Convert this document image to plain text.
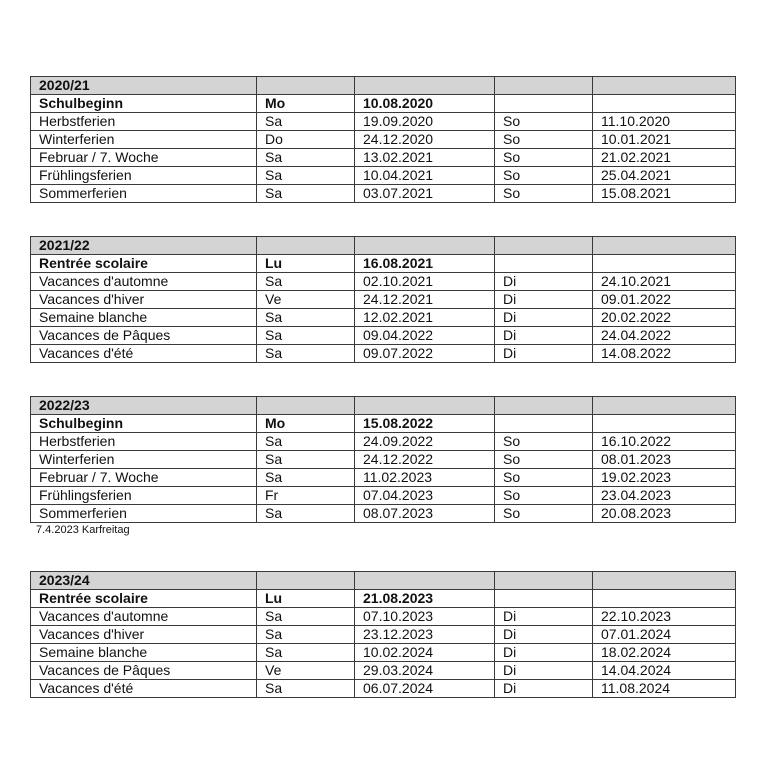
2020/21				
Schulbeginn	Mo	10.08.2020		
Herbstferien	Sa	19.09.2020	So	11.10.2020
Winterferien	Do	24.12.2020	So	10.01.2021
Februar / 7. Woche	Sa	13.02.2021	So	21.02.2021
Frühlingsferien	Sa	10.04.2021	So	25.04.2021
Sommerferien	Sa	03.07.2021	So	15.08.2021
2021/22				
Rentrée scolaire	Lu	16.08.2021		
Vacances d'automne	Sa	02.10.2021	Di	24.10.2021
Vacances d'hiver	Ve	24.12.2021	Di	09.01.2022
Semaine blanche	Sa	12.02.2021	Di	20.02.2022
Vacances de Pâques	Sa	09.04.2022	Di	24.04.2022
Vacances d'été	Sa	09.07.2022	Di	14.08.2022
2022/23				
Schulbeginn	Mo	15.08.2022		
Herbstferien	Sa	24.09.2022	So	16.10.2022
Winterferien	Sa	24.12.2022	So	08.01.2023
Februar / 7. Woche	Sa	11.02.2023	So	19.02.2023
Frühlingsferien	Fr	07.04.2023	So	23.04.2023
Sommerferien	Sa	08.07.2023	So	20.08.2023
7.4.2023 Karfreitag
2023/24				
Rentrée scolaire	Lu	21.08.2023		
Vacances d'automne	Sa	07.10.2023	Di	22.10.2023
Vacances d'hiver	Sa	23.12.2023	Di	07.01.2024
Semaine blanche	Sa	10.02.2024	Di	18.02.2024
Vacances de Pâques	Ve	29.03.2024	Di	14.04.2024
Vacances d'été	Sa	06.07.2024	Di	11.08.2024
